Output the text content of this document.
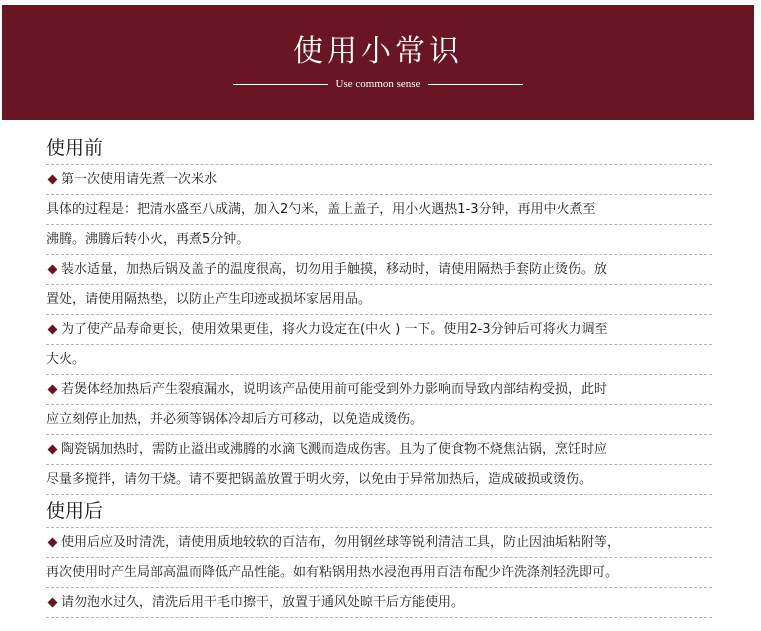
使用小常识
Use common sense
使用前
第一次使用请先煮一次米水
具体的过程是：把清水盛至八成满，加入2勺米，盖上盖子，用小火遇热1-3分钟，再用中火煮至
沸腾。沸腾后转小火，再煮5分钟。
装水适量，加热后锅及盖子的温度很高，切勿用手触摸，移动时，请使用隔热手套防止烫伤。放
置处，请使用隔热垫，以防止产生印迹或损坏家居用品。
为了使产品寿命更长，使用效果更佳，将火力设定在(中火 ) 一下。使用2-3分钟后可将火力调至
大火。
若煲体经加热后产生裂痕漏水，说明该产品使用前可能受到外力影响而导致内部结构受损，此时
应立刻停止加热，并必须等锅体冷却后方可移动，以免造成烫伤。
陶瓷锅加热时，需防止溢出或沸腾的水滴飞溅而造成伤害。且为了使食物不烧焦沾锅，烹饪时应
尽量多搅拌，请勿干烧。请不要把锅盖放置于明火旁，以免由于异常加热后，造成破损或烫伤。
使用后
使用后应及时清洗，请使用质地较软的百洁布，勿用钢丝球等锐利清洁工具，防止因油垢粘附等，
再次使用时产生局部高温而降低产品性能。如有粘锅用热水浸泡再用百洁布配少许洗涤剂轻洗即可。
请勿泡水过久，清洗后用干毛巾擦干，放置于通风处晾干后方能使用。
